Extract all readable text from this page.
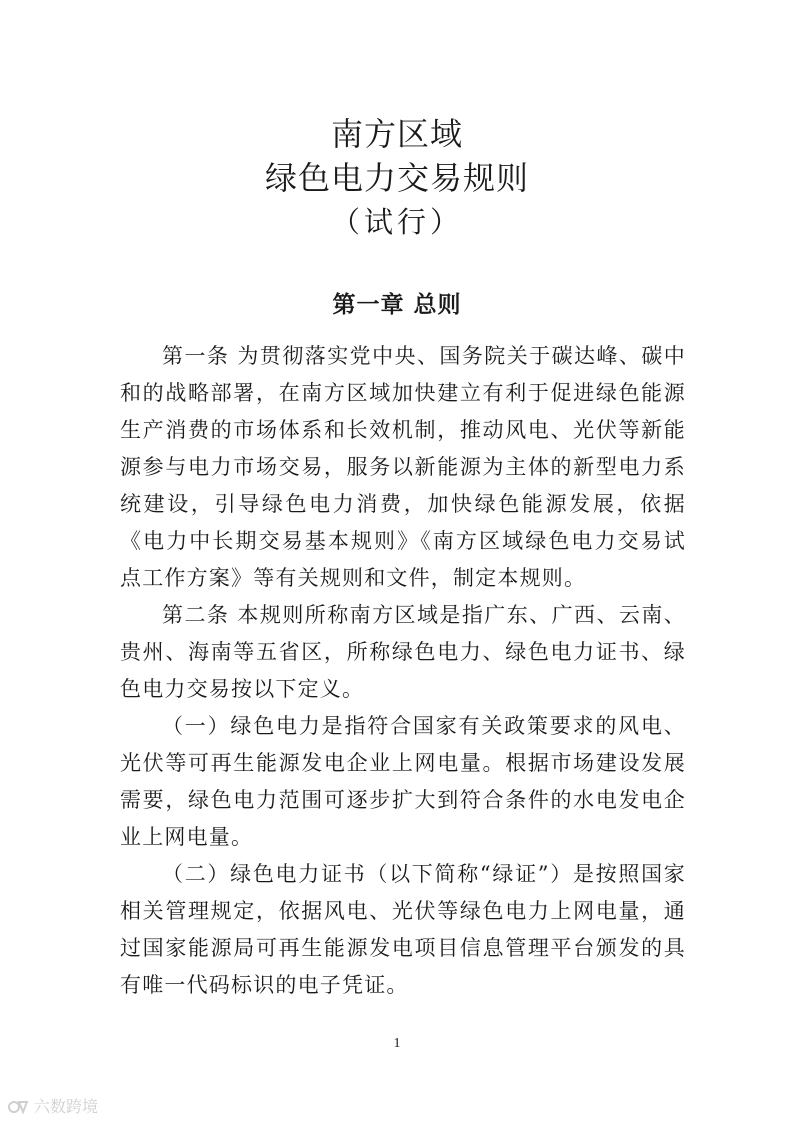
南方区域
绿色电力交易规则
（试行）
第一章 总则

第一条 为贯彻落实党中央、国务院关于碳达峰、碳中和的战略部署，在南方区域加快建立有利于促进绿色能源生产消费的市场体系和长效机制，推动风电、光伏等新能源参与电力市场交易，服务以新能源为主体的新型电力系统建设，引导绿色电力消费，加快绿色能源发展，依据《电力中长期交易基本规则》《南方区域绿色电力交易试点工作方案》等有关规则和文件，制定本规则。

第二条 本规则所称南方区域是指广东、广西、云南、贵州、海南等五省区，所称绿色电力、绿色电力证书、绿色电力交易按以下定义。

（一）绿色电力是指符合国家有关政策要求的风电、光伏等可再生能源发电企业上网电量。根据市场建设发展需要，绿色电力范围可逐步扩大到符合条件的水电发电企业上网电量。

（二）绿色电力证书（以下简称“绿证”）是按照国家相关管理规定，依据风电、光伏等绿色电力上网电量，通过国家能源局可再生能源发电项目信息管理平台颁发的具有唯一代码标识的电子凭证。

1
六数跨境
